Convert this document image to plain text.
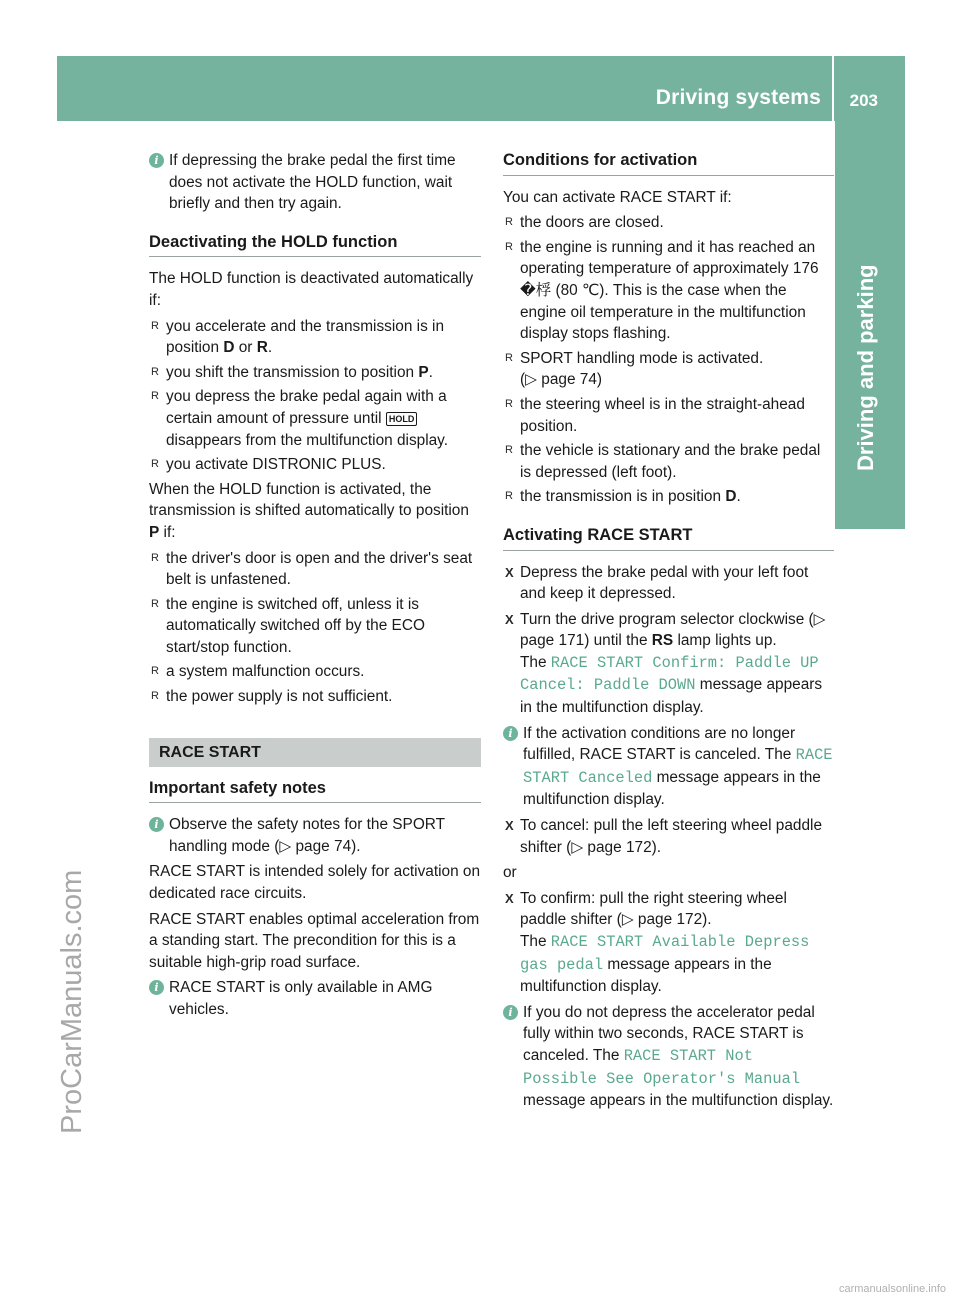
Driving systems 203
Driving and parking
ProCarManuals.com
carmanualsonline.info
i If depressing the brake pedal the first time does not activate the HOLD function, wait briefly and then try again.
Deactivating the HOLD function
The HOLD function is deactivated automatically if:
R you accelerate and the transmission is in position D or R.
R you shift the transmission to position P.
R you depress the brake pedal again with a certain amount of pressure until HOLD disappears from the multifunction display.
R you activate DISTRONIC PLUS.
When the HOLD function is activated, the transmission is shifted automatically to position P if:
R the driver's door is open and the driver's seat belt is unfastened.
R the engine is switched off, unless it is automatically switched off by the ECO start/stop function.
R a system malfunction occurs.
R the power supply is not sufficient.
RACE START
Important safety notes
i Observe the safety notes for the SPORT handling mode (▷ page 74).
RACE START is intended solely for activation on dedicated race circuits.
RACE START enables optimal acceleration from a standing start. The precondition for this is a suitable high-grip road surface.
i RACE START is only available in AMG vehicles.
Conditions for activation
You can activate RACE START if:
R the doors are closed.
R the engine is running and it has reached an operating temperature of approximately 176 �桴 (80 ℃). This is the case when the engine oil temperature in the multifunction display stops flashing.
R SPORT handling mode is activated.
(▷ page 74)
R the steering wheel is in the straight-ahead position.
R the vehicle is stationary and the brake pedal is depressed (left foot).
R the transmission is in position D.
Activating RACE START
X Depress the brake pedal with your left foot and keep it depressed.
X Turn the drive program selector clockwise (▷ page 171) until the RS lamp lights up.
The RACE START Confirm: Paddle UP Cancel: Paddle DOWN message appears in the multifunction display.
i If the activation conditions are no longer fulfilled, RACE START is canceled. The RACE START Canceled message appears in the multifunction display.
X To cancel: pull the left steering wheel paddle shifter (▷ page 172).
or
X To confirm: pull the right steering wheel paddle shifter (▷ page 172).
The RACE START Available Depress gas pedal message appears in the multifunction display.
i If you do not depress the accelerator pedal fully within two seconds, RACE START is canceled. The RACE START Not Possible See Operator's Manual message appears in the multifunction display.
